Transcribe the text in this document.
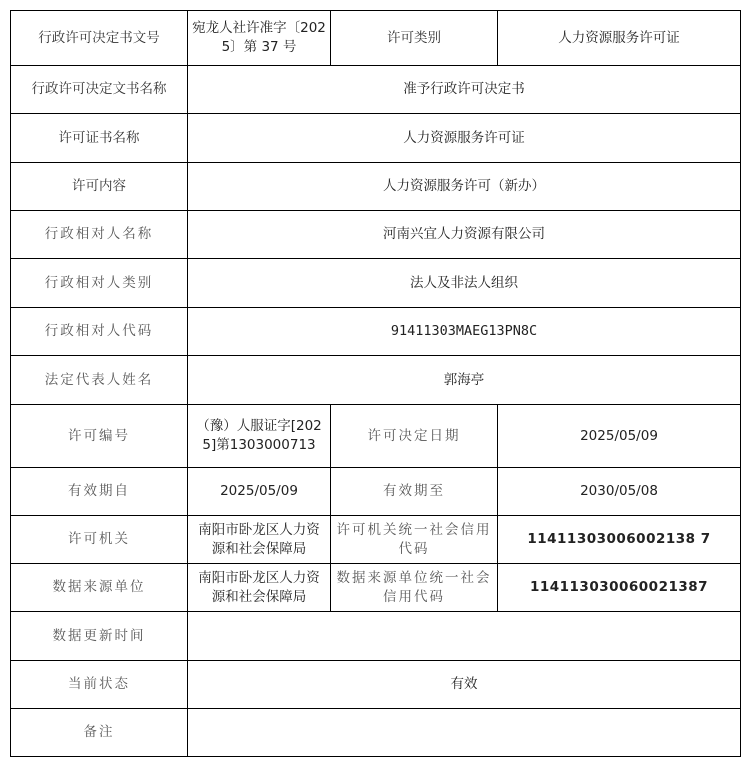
行政许可决定书文号	宛龙人社许准字〔2025〕第 37 号	许可类别	人力资源服务许可证
行政许可决定文书名称	准予行政许可决定书		
许可证书名称	人力资源服务许可证		
许可内容	人力资源服务许可（新办）		
行政相对人名称	河南兴宜人力资源有限公司		
行政相对人类别	法人及非法人组织		
行政相对人代码	91411303MAEG13PN8C		
法定代表人姓名	郭海亭		
许可编号	（豫）人服证字[2025]第1303000713	许可决定日期	2025/05/09
有效期自	2025/05/09	有效期至	2030/05/08
许可机关	南阳市卧龙区人力资源和社会保障局	许可机关统一社会信用代码	11411303006002138 7
数据来源单位	南阳市卧龙区人力资源和社会保障局	数据来源单位统一社会信用代码	114113030060021387
数据更新时间			
当前状态	有效		
备注			
